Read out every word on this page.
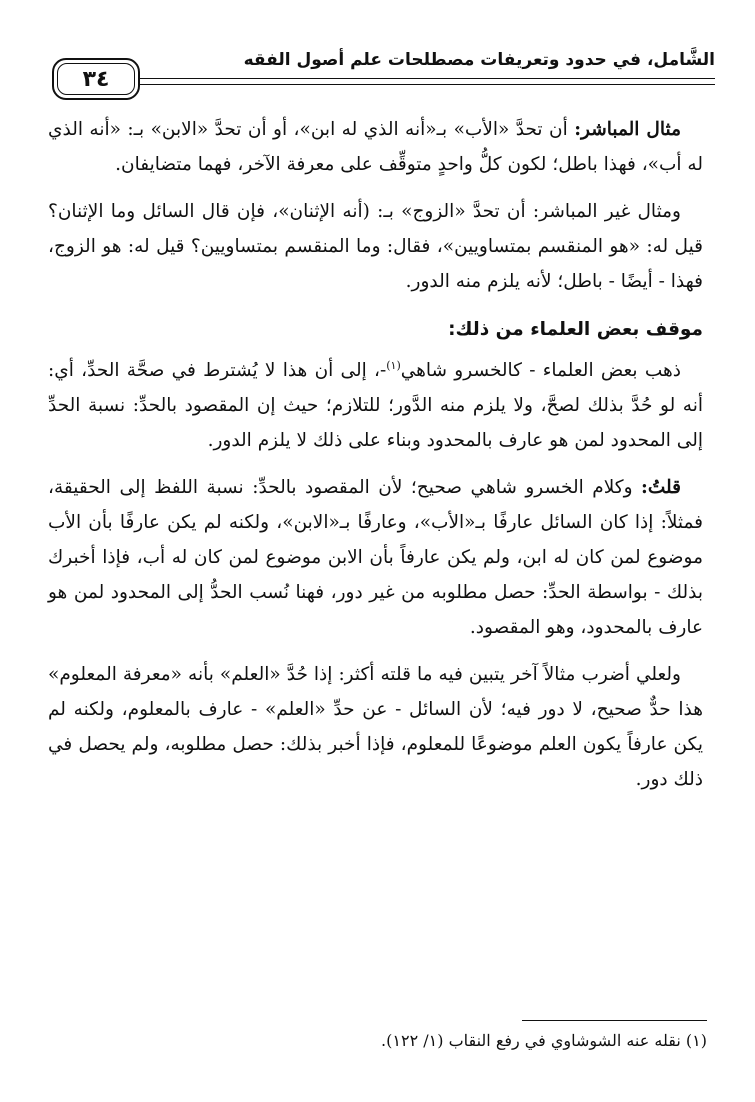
الشَّامل، في حدود وتعريفات مصطلحات علم أصول الفقه
٣٤

مثال المباشر: أن تحدَّ «الأب» بـ«أنه الذي له ابن»، أو أن تحدَّ «الابن» بـ: «أنه الذي له أب»، فهذا باطل؛ لكون كلُّ واحدٍ متوقِّف على معرفة الآخر، فهما متضايفان.

ومثال غير المباشر: أن تحدَّ «الزوج» بـ: (أنه الإثنان»، فإن قال السائل وما الإثنان؟ قيل له: «هو المنقسم بمتساويين»، فقال: وما المنقسم بمتساويين؟ قيل له: هو الزوج، فهذا - أيضًا - باطل؛ لأنه يلزم منه الدور.

موقف بعض العلماء من ذلك:

ذهب بعض العلماء - كالخسرو شاهي$^{(١)}$-، إلى أن هذا لا يُشترط في صحَّة الحدِّ، أي: أنه لو حُدَّ بذلك لصحَّ، ولا يلزم منه الدَّور؛ للتلازم؛ حيث إن المقصود بالحدِّ: نسبة الحدِّ إلى المحدود لمن هو عارف بالمحدود وبناء على ذلك لا يلزم الدور.

قلتُ: وكلام الخسرو شاهي صحيح؛ لأن المقصود بالحدِّ: نسبة اللفظ إلى الحقيقة، فمثلاً: إذا كان السائل عارفًا بـ«الأب»، وعارفًا بـ«الابن»، ولكنه لم يكن عارفًا بأن الأب موضوع لمن كان له ابن، ولم يكن عارفاً بأن الابن موضوع لمن كان له أب، فإذا أخبرك بذلك - بواسطة الحدِّ: حصل مطلوبه من غير دور، فهنا نُسب الحدُّ إلى المحدود لمن هو عارف بالمحدود، وهو المقصود.

ولعلي أضرب مثالاً آخر يتبين فيه ما قلته أكثر: إذا حُدَّ «العلم» بأنه «معرفة المعلوم» هذا حدٌّ صحيح، لا دور فيه؛ لأن السائل - عن حدِّ «العلم» - عارف بالمعلوم، ولكنه لم يكن عارفاً يكون العلم موضوعًا للمعلوم، فإذا أخبر بذلك: حصل مطلوبه، ولم يحصل في ذلك دور.

(١) نقله عنه الشوشاوي في رفع النقاب (١/ ١٢٢).
